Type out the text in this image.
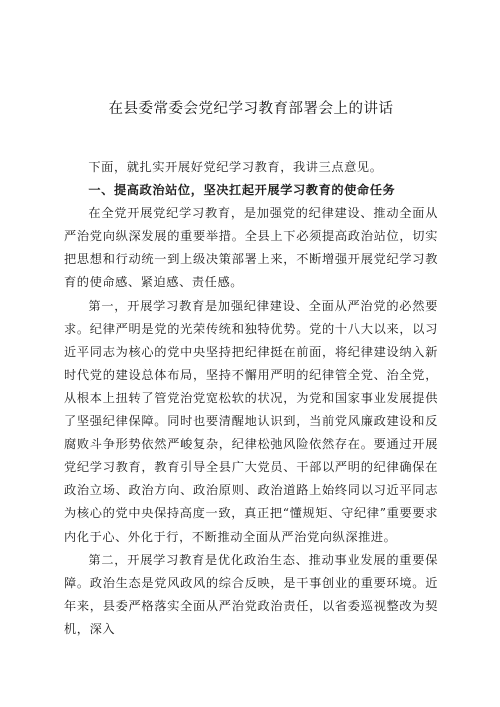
在县委常委会党纪学习教育部署会上的讲话

下面，就扎实开展好党纪学习教育，我讲三点意见。

一、提高政治站位，坚决扛起开展学习教育的使命任务

在全党开展党纪学习教育，是加强党的纪律建设、推动全面从严治党向纵深发展的重要举措。全县上下必须提高政治站位，切实把思想和行动统一到上级决策部署上来，不断增强开展党纪学习教育的使命感、紧迫感、责任感。

第一，开展学习教育是加强纪律建设、全面从严治党的必然要求。纪律严明是党的光荣传统和独特优势。党的十八大以来，以习近平同志为核心的党中央坚持把纪律挺在前面，将纪律建设纳入新时代党的建设总体布局，坚持不懈用严明的纪律管全党、治全党，从根本上扭转了管党治党宽松软的状况，为党和国家事业发展提供了坚强纪律保障。同时也要清醒地认识到，当前党风廉政建设和反腐败斗争形势依然严峻复杂，纪律松弛风险依然存在。要通过开展党纪学习教育，教育引导全县广大党员、干部以严明的纪律确保在政治立场、政治方向、政治原则、政治道路上始终同以习近平同志为核心的党中央保持高度一致，真正把“懂规矩、守纪律”重要要求内化于心、外化于行，不断推动全面从严治党向纵深推进。

第二，开展学习教育是优化政治生态、推动事业发展的重要保障。政治生态是党风政风的综合反映，是干事创业的重要环境。近年来，县委严格落实全面从严治党政治责任，以省委巡视整改为契机，深入
